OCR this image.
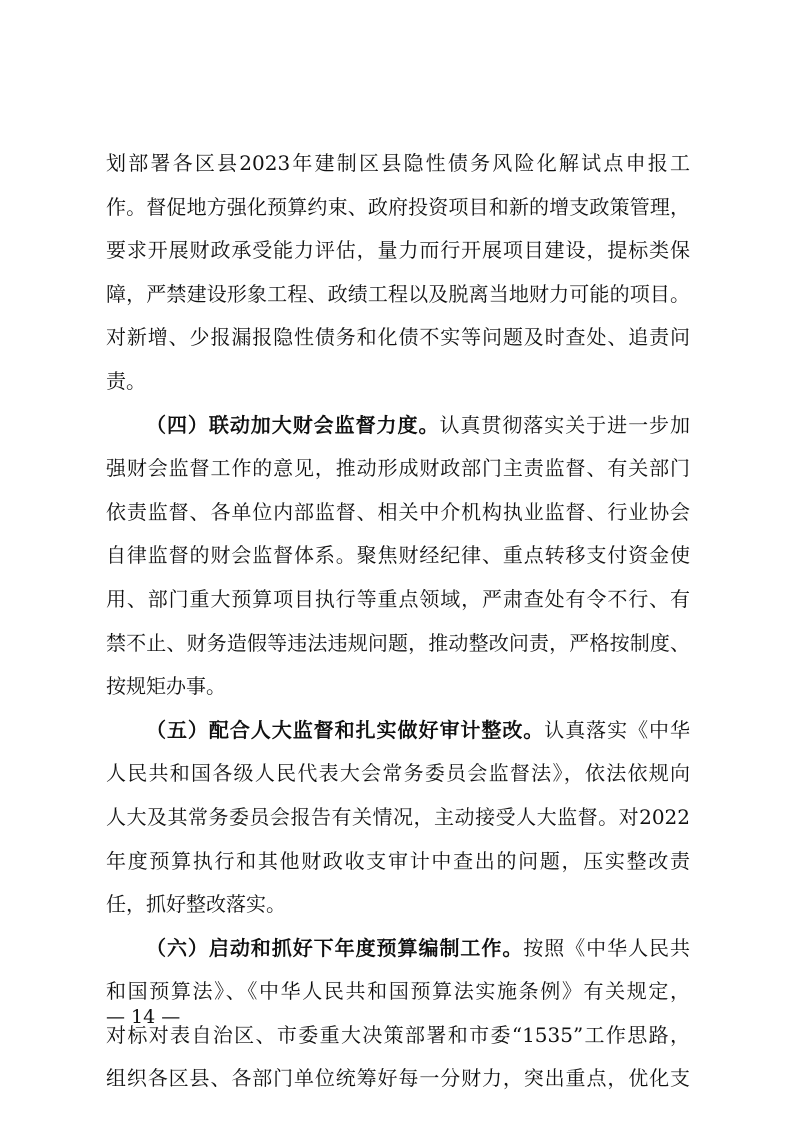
划部署各区县2023年建制区县隐性债务风险化解试点申报工
作。督促地方强化预算约束、政府投资项目和新的增支政策管理，
要求开展财政承受能力评估，量力而行开展项目建设，提标类保
障，严禁建设形象工程、政绩工程以及脱离当地财力可能的项目。
对新增、少报漏报隐性债务和化债不实等问题及时查处、追责问
责。
（四）联动加大财会监督力度。认真贯彻落实关于进一步加
强财会监督工作的意见，推动形成财政部门主责监督、有关部门
依责监督、各单位内部监督、相关中介机构执业监督、行业协会
自律监督的财会监督体系。聚焦财经纪律、重点转移支付资金使
用、部门重大预算项目执行等重点领域，严肃查处有令不行、有
禁不止、财务造假等违法违规问题，推动整改问责，严格按制度、
按规矩办事。
（五）配合人大监督和扎实做好审计整改。认真落实《中华
人民共和国各级人民代表大会常务委员会监督法》，依法依规向
人大及其常务委员会报告有关情况，主动接受人大监督。对2022
年度预算执行和其他财政收支审计中查出的问题，压实整改责
任，抓好整改落实。
（六）启动和抓好下年度预算编制工作。按照《中华人民共
和国预算法》、《中华人民共和国预算法实施条例》有关规定，
对标对表自治区、市委重大决策部署和市委“1535”工作思路，
组织各区县、各部门单位统筹好每一分财力，突出重点，优化支
— 14 —
